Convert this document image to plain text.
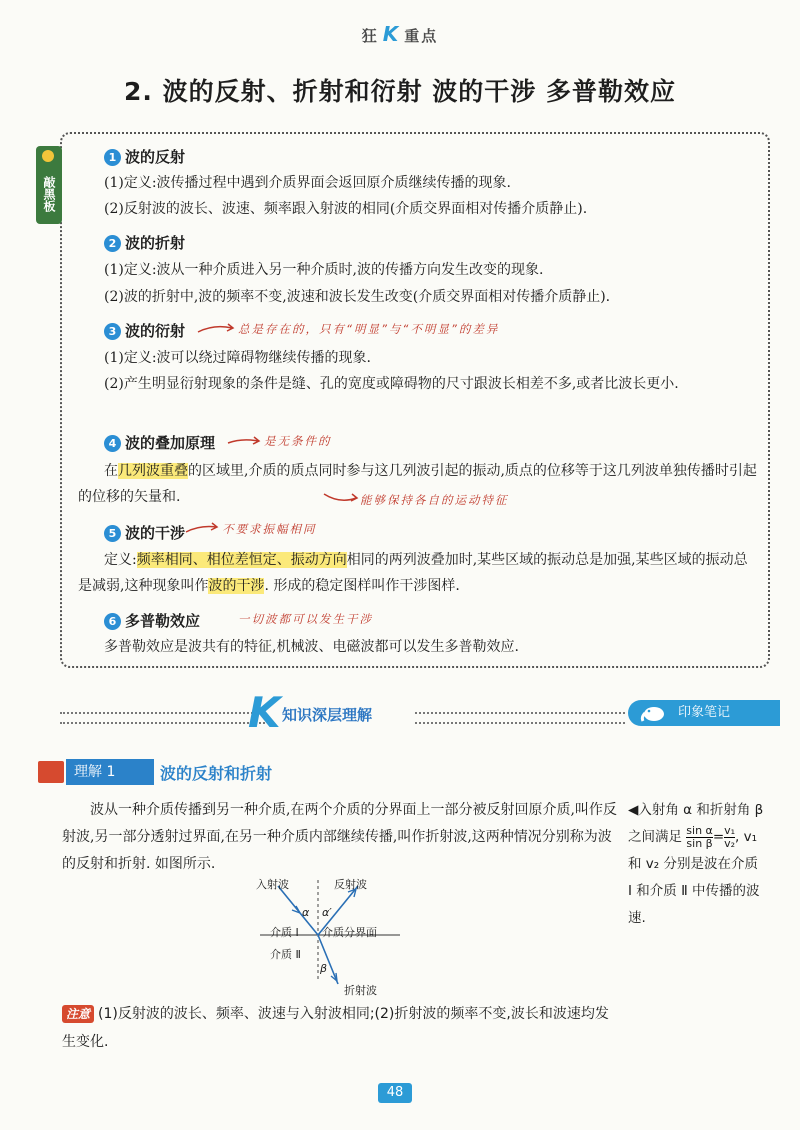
狂 K 重点
2. 波的反射、折射和衍射 波的干涉 多普勒效应
敲黑板
1 波的反射
(1)定义:波传播过程中遇到介质界面会返回原介质继续传播的现象.
(2)反射波的波长、波速、频率跟入射波的相同(介质交界面相对传播介质静止).
2 波的折射
(1)定义:波从一种介质进入另一种介质时,波的传播方向发生改变的现象.
(2)波的折射中,波的频率不变,波速和波长发生改变(介质交界面相对传播介质静止).
3 波的衍射	总是存在的，只有“明显”与“不明显”的差异
(1)定义:波可以绕过障碍物继续传播的现象.
(2)产生明显衍射现象的条件是缝、孔的宽度或障碍物的尺寸跟波长相差不多,或者比波长更小.
4 波的叠加原理	是无条件的
在几列波重叠的区域里,介质的质点同时参与这几列波引起的振动,质点的位移等于这几列波单独传播时引起的位移的矢量和.	能够保持各自的运动特征
5 波的干涉	不要求振幅相同
定义:频率相同、相位差恒定、振动方向相同的两列波叠加时,某些区域的振动总是加强,某些区域的振动总是减弱,这种现象叫作波的干涉. 形成的稳定图样叫作干涉图样.
6 多普勒效应	一切波都可以发生干涉
多普勒效应是波共有的特征,机械波、电磁波都可以发生多普勒效应.
K 知识深层理解	印象笔记
理解 1	波的反射和折射
波从一种介质传播到另一种介质,在两个介质的分界面上一部分被反射回原介质,叫作反射波,另一部分透射过界面,在另一种介质内部继续传播,叫作折射波,这两种情况分别称为波的反射和折射. 如图所示.
入射波	反射波
α α′
介质 Ⅰ 介质分界面
介质 Ⅱ
β
折射波
◀入射角 α 和折射角 β 之间满足 $\frac{\text{sin α}}{\text{sin β}} = \frac{\text{v₁}}{\text{v₂}}$ , v₁ 和 v₂ 分别是波在介质 Ⅰ 和介质 Ⅱ 中传播的波速.
注意 (1)反射波的波长、频率、波速与入射波相同;(2)折射波的频率不变,波长和波速均发生变化.
48
